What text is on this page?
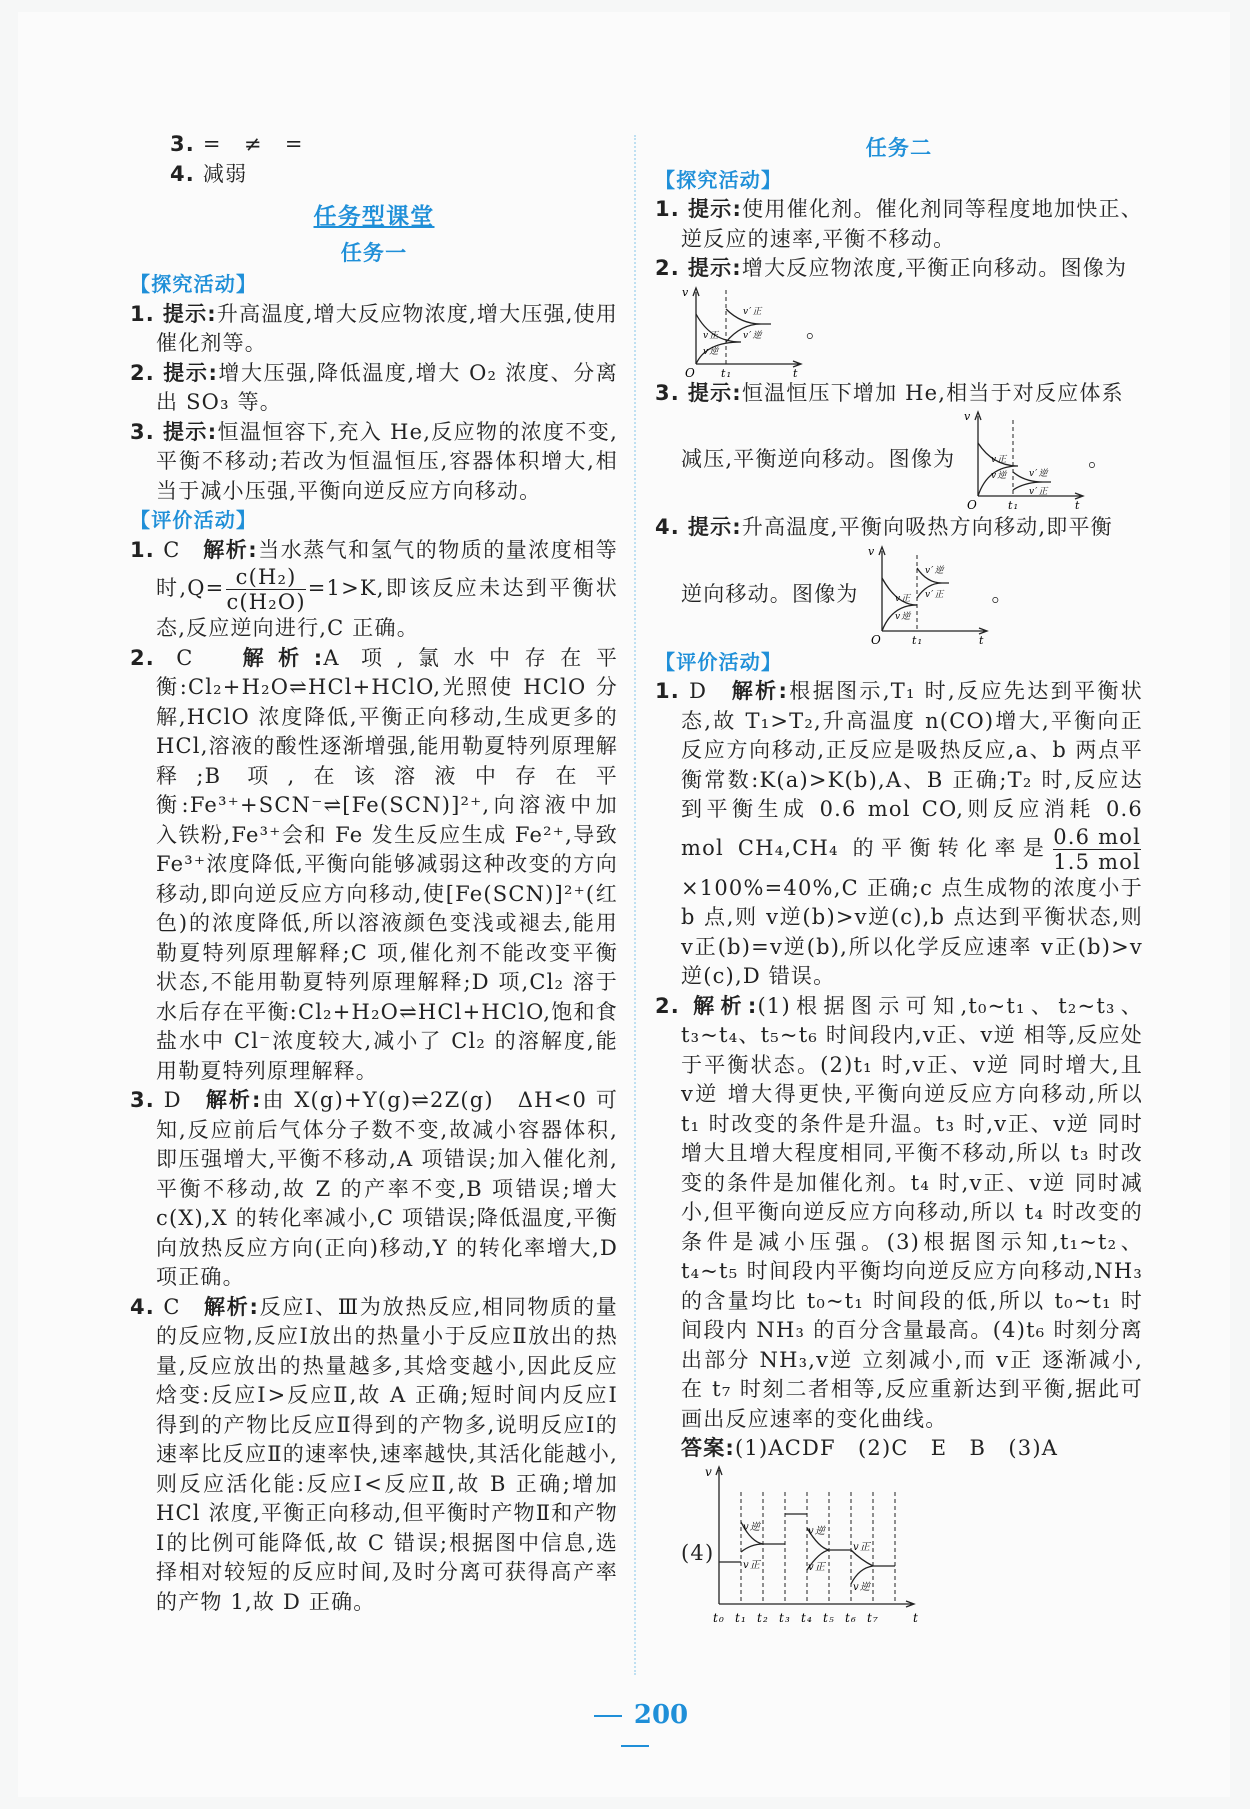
3. =　≠　=

4. 减弱

任务型课堂
任务一

【探究活动】

1. 提示:升高温度,增大反应物浓度,增大压强,使用催化剂等。

2. 提示:增大压强,降低温度,增大 O₂ 浓度、分离出 SO₃ 等。

3. 提示:恒温恒容下,充入 He,反应物的浓度不变,平衡不移动;若改为恒温恒压,容器体积增大,相当于减小压强,平衡向逆反应方向移动。

【评价活动】

1. C　 解析:当水蒸气和氢气的物质的量浓度相等时$,Q= \frac{\text{c(H₂)}}{\text{c(H₂O)}} =1>K$,即该反应未达到平衡状态,反应逆向进行,C 正确。

2. C　 解析:A 项,氯水中存在平衡:Cl₂+H₂O⇌HCl+HClO,光照使 HClO 分解,HClO 浓度降低,平衡正向移动,生成更多的 HCl,溶液的酸性逐渐增强,能用勒夏特列原理解释;B 项,在该溶液中存在平衡:Fe³⁺+SCN⁻⇌[Fe(SCN)]²⁺,向溶液中加入铁粉,Fe³⁺会和 Fe 发生反应生成 Fe²⁺,导致 Fe³⁺浓度降低,平衡向能够减弱这种改变的方向移动,即向逆反应方向移动,使[Fe(SCN)]²⁺(红色)的浓度降低,所以溶液颜色变浅或褪去,能用勒夏特列原理解释;C 项,催化剂不能改变平衡状态,不能用勒夏特列原理解释;D 项,Cl₂ 溶于水后存在平衡:Cl₂+H₂O⇌HCl+HClO,饱和食盐水中 Cl⁻浓度较大,减小了 Cl₂ 的溶解度,能用勒夏特列原理解释。

3. D　 解析:由 X(g)+Y(g)⇌2Z(g)　ΔH<0 可知,反应前后气体分子数不变,故减小容器体积,即压强增大,平衡不移动,A 项错误;加入催化剂,平衡不移动,故 Z 的产率不变,B 项错误;增大 c(X),X 的转化率减小,C 项错误;降低温度,平衡向放热反应方向(正向)移动,Y 的转化率增大,D 项正确。

4. C　 解析:反应Ⅰ、Ⅲ为放热反应,相同物质的量的反应物,反应Ⅰ放出的热量小于反应Ⅱ放出的热量,反应放出的热量越多,其焓变越小,因此反应焓变:反应Ⅰ>反应Ⅱ,故 A 正确;短时间内反应Ⅰ得到的产物比反应Ⅱ得到的产物多,说明反应Ⅰ的速率比反应Ⅱ的速率快,速率越快,其活化能越小,则反应活化能:反应Ⅰ<反应Ⅱ,故 B 正确;增加 HCl 浓度,平衡正向移动,但平衡时产物Ⅱ和产物Ⅰ的比例可能降低,故 C 错误;根据图中信息,选择相对较短的反应时间,及时分离可获得高产率的产物 1,故 D 正确。

任务二

【探究活动】

1. 提示:使用催化剂。催化剂同等程度地加快正、逆反应的速率,平衡不移动。

2. 提示:增大反应物浓度,平衡正向移动。图像为

v
O t₁	t
v正
v逆
v′正
v′逆 。

3. 提示:恒温恒压下增加 He,相当于对反应体系
减压,平衡逆向移动。图像为
v
O	t₁	t
v正
v逆 v′逆
v′正
。

4. 提示:升高温度,平衡向吸热方向移动,即平衡
逆向移动。图像为
v
O	t₁	t
v正
v逆
v′逆
v′正 。

【评价活动】

1. D　 解析:根据图示,T₁ 时,反应先达到平衡状态,故 T₁>T₂,升高温度 n(CO)增大,平衡向正反应方向移动,正反应是吸热反应,a、b 两点平衡常数:K(a)>K(b),A、B 正确;T₂ 时,反应达到平衡生成 0.6 mol CO,则反应消耗 0.6 mol CH₄,CH₄ 的平衡转化率是 $\frac{\text{0.6 mol}}{\text{1.5 mol}}$
×100%=40%,C 正确;c 点生成物的浓度小于 b 点,则 v逆(b)>v逆(c),b 点达到平衡状态,则 v正(b)=v逆(b),所以化学反应速率 v正(b)>v逆(c),D 错误。

2. 解析:(1)根据图示可知,t₀~t₁、t₂~t₃、t₃~t₄、t₅~t₆ 时间段内,v正、v逆 相等,反应处于平衡状态。(2)t₁ 时,v正、v逆 同时增大,且 v逆 增大得更快,平衡向逆反应方向移动,所以 t₁ 时改变的条件是升温。t₃ 时,v正、v逆 同时增大且增大程度相同,平衡不移动,所以 t₃ 时改变的条件是加催化剂。t₄ 时,v正、v逆 同时减小,但平衡向逆反应方向移动,所以 t₄ 时改变的条件是减小压强。(3)根据图示知,t₁~t₂、t₄~t₅ 时间段内平衡均向逆反应方向移动,NH₃ 的含量均比 t₀~t₁ 时间段的低,所以 t₀~t₁ 时间段内 NH₃ 的百分含量最高。(4)t₆ 时刻分离出部分 NH₃,v逆 立刻减小,而 v正 逐渐减小,在 t₇ 时刻二者相等,反应重新达到平衡,据此可画出反应速率的变化曲线。

答案:(1)ACDF　(2)C　E　B　(3)A

(4)
v
t
v逆
v正
v逆
v正
v正
v逆
t₀ t₁ t₂ t₃ t₄ t₅ t₆ t₇
200
